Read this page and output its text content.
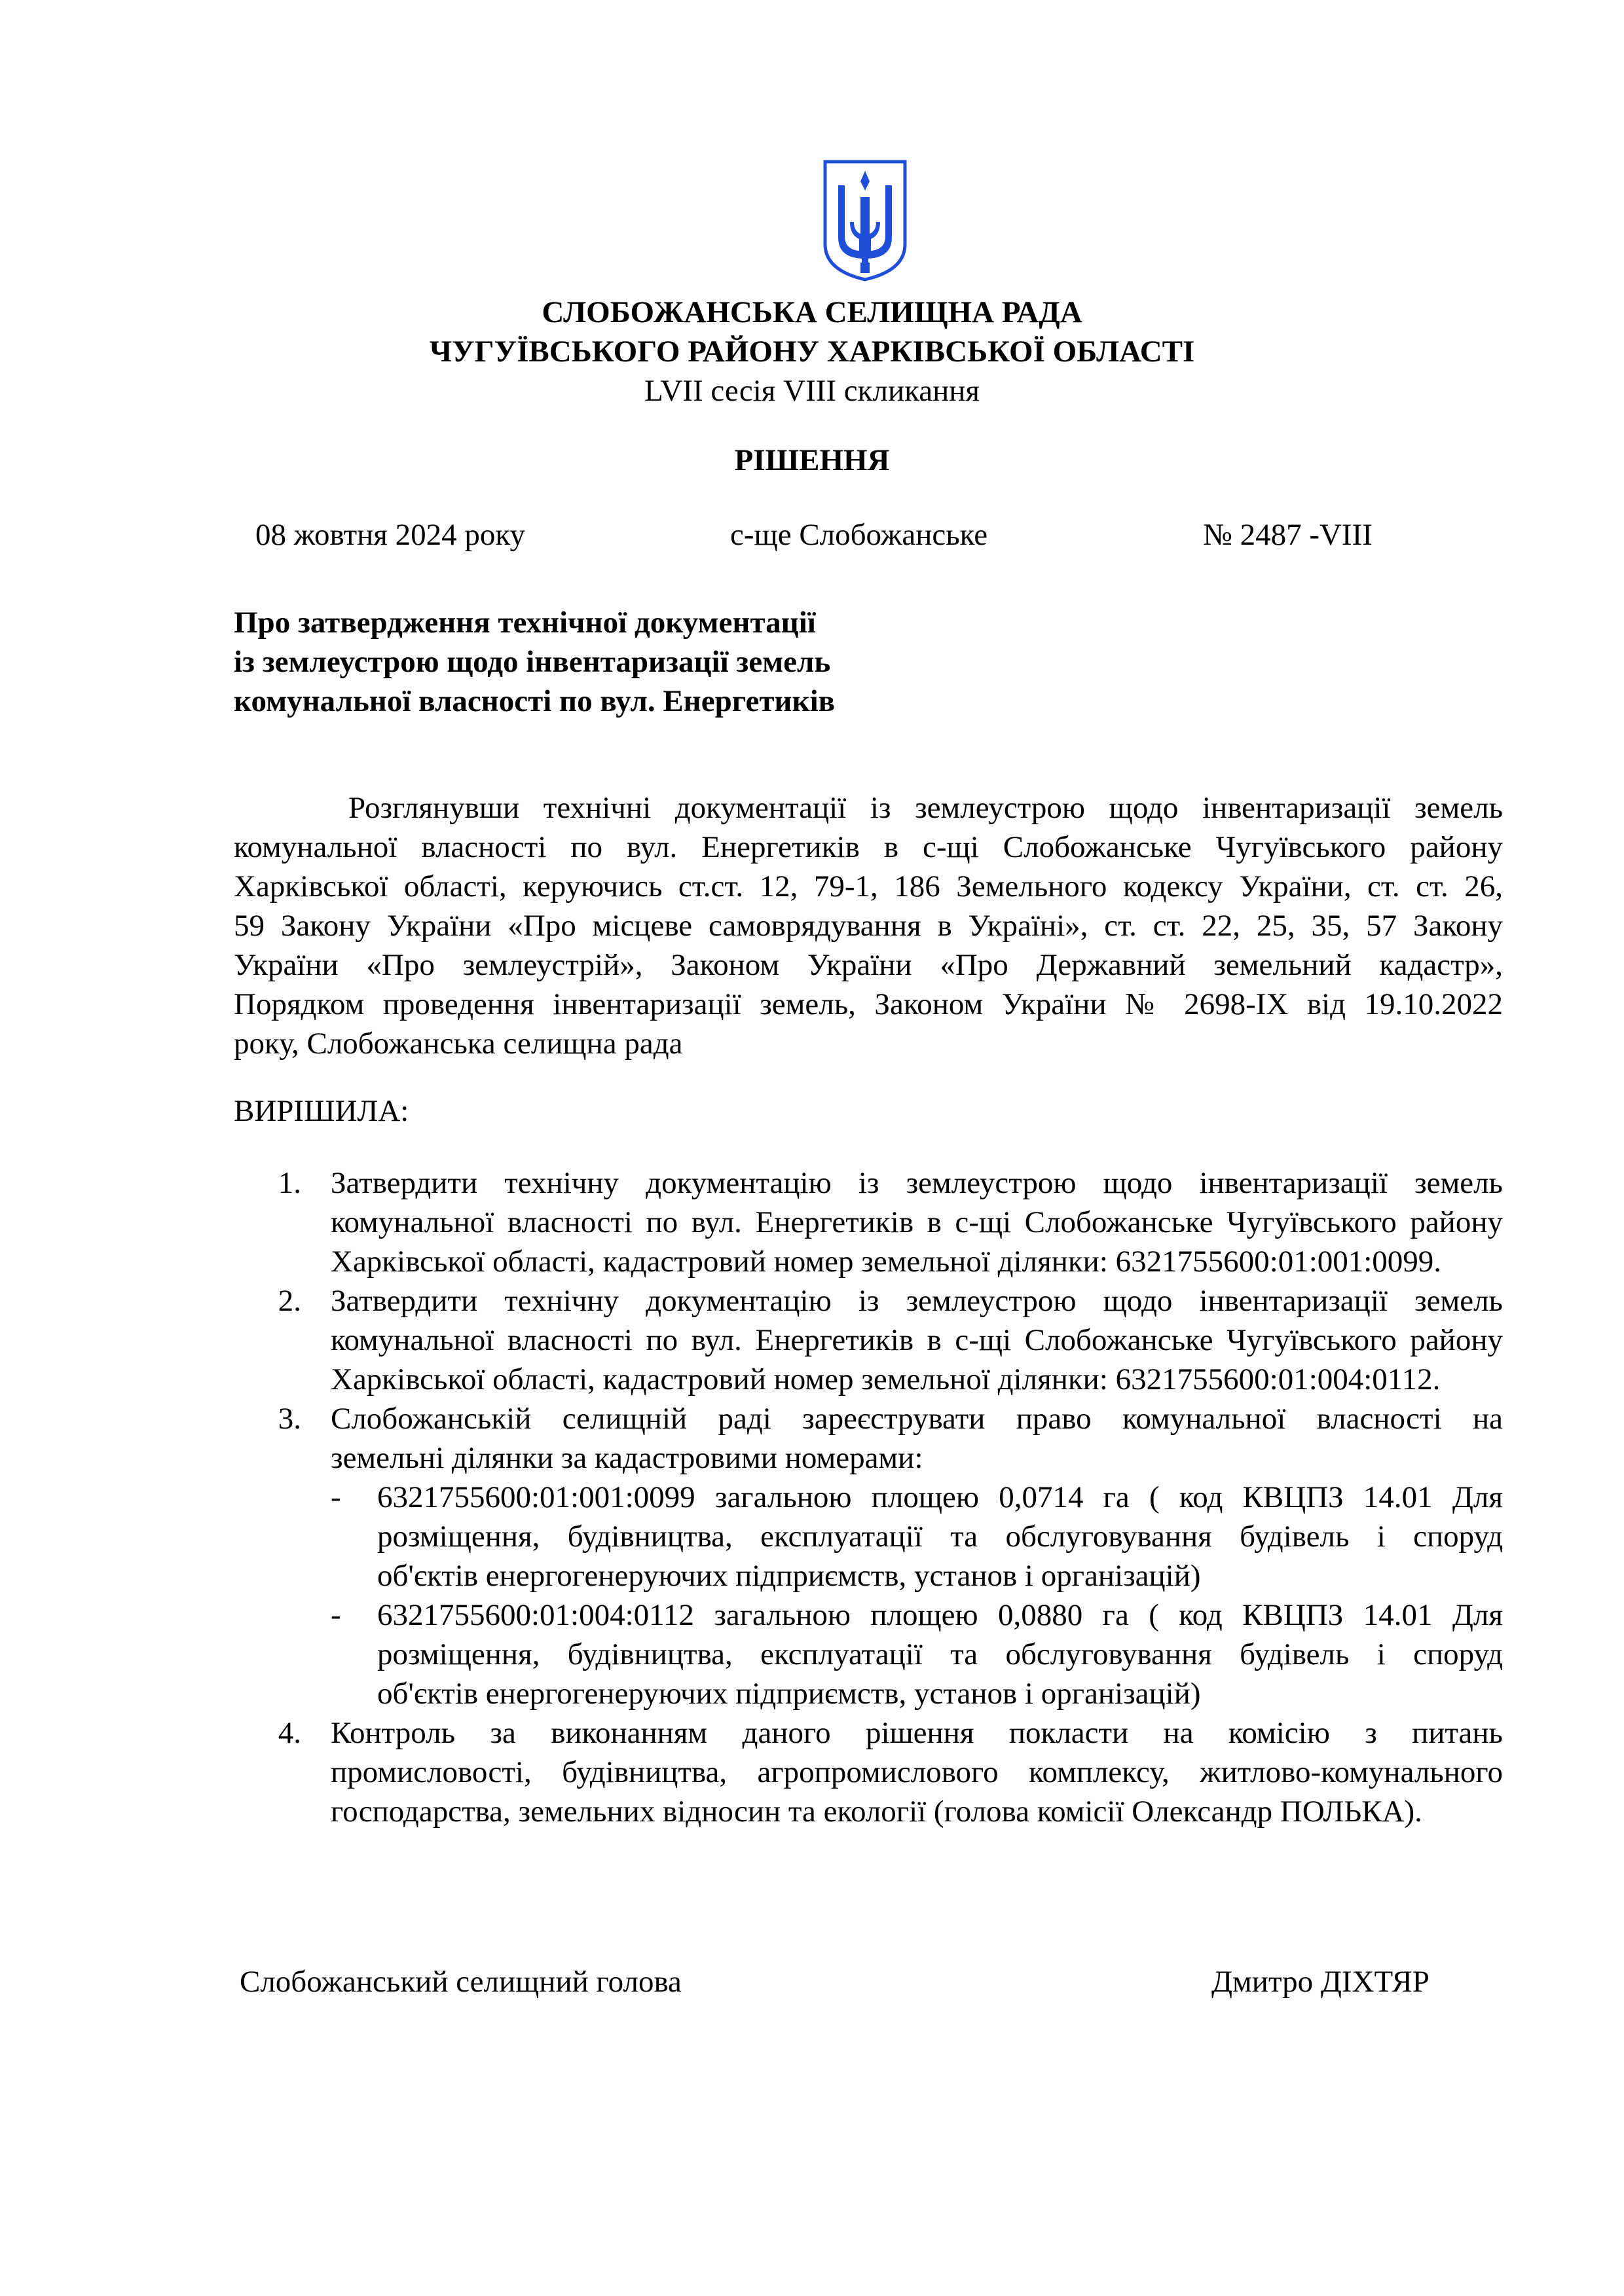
СЛОБОЖАНСЬКА СЕЛИЩНА РАДА
ЧУГУЇВСЬКОГО РАЙОНУ ХАРКІВСЬКОЇ ОБЛАСТІ
LVII сесія VIII скликання
РІШЕННЯ
08 жовтня 2024 року	с-ще Слобожанське	№ 2487 -VIII
Про затвердження технічної документації
із землеустрою щодо інвентаризації земель
комунальної власності по вул. Енергетиків
Розглянувши технічні документації із землеустрою щодо інвентаризації земель
комунальної власності по вул. Енергетиків в с-щі Слобожанське Чугуївського району
Харківської області, керуючись ст.ст. 12, 79-1, 186 Земельного кодексу України, ст. ст. 26,
59 Закону України «Про місцеве самоврядування в Україні», ст. ст. 22, 25, 35, 57 Закону
України «Про землеустрій», Законом України «Про Державний земельний кадастр»,
Порядком проведення інвентаризації земель, Законом України № 2698-ІХ від 19.10.2022
року, Слобожанська селищна рада
ВИРІШИЛА:
1. Затвердити технічну документацію із землеустрою щодо інвентаризації земель
комунальної власності по вул. Енергетиків в с-щі Слобожанське Чугуївського району
Харківської області, кадастровий номер земельної ділянки: 6321755600:01:001:0099.
2. Затвердити технічну документацію із землеустрою щодо інвентаризації земель
комунальної власності по вул. Енергетиків в с-щі Слобожанське Чугуївського району
Харківської області, кадастровий номер земельної ділянки: 6321755600:01:004:0112.
3. Слобожанській селищній раді зареєструвати право комунальної власності на
земельні ділянки за кадастровими номерами:
-	6321755600:01:001:0099 загальною площею 0,0714 га ( код КВЦПЗ 14.01 Для
розміщення, будівництва, експлуатації та обслуговування будівель і споруд
об'єктів енергогенеруючих підприємств, установ і організацій)
-	6321755600:01:004:0112 загальною площею 0,0880 га ( код КВЦПЗ 14.01 Для
розміщення, будівництва, експлуатації та обслуговування будівель і споруд
об'єктів енергогенеруючих підприємств, установ і організацій)
4. Контроль за виконанням даного рішення покласти на комісію з питань
промисловості, будівництва, агропромислового комплексу, житлово-комунального
господарства, земельних відносин та екології (голова комісії Олександр ПОЛЬКА).
Слобожанський селищний голова	Дмитро ДІХТЯР
